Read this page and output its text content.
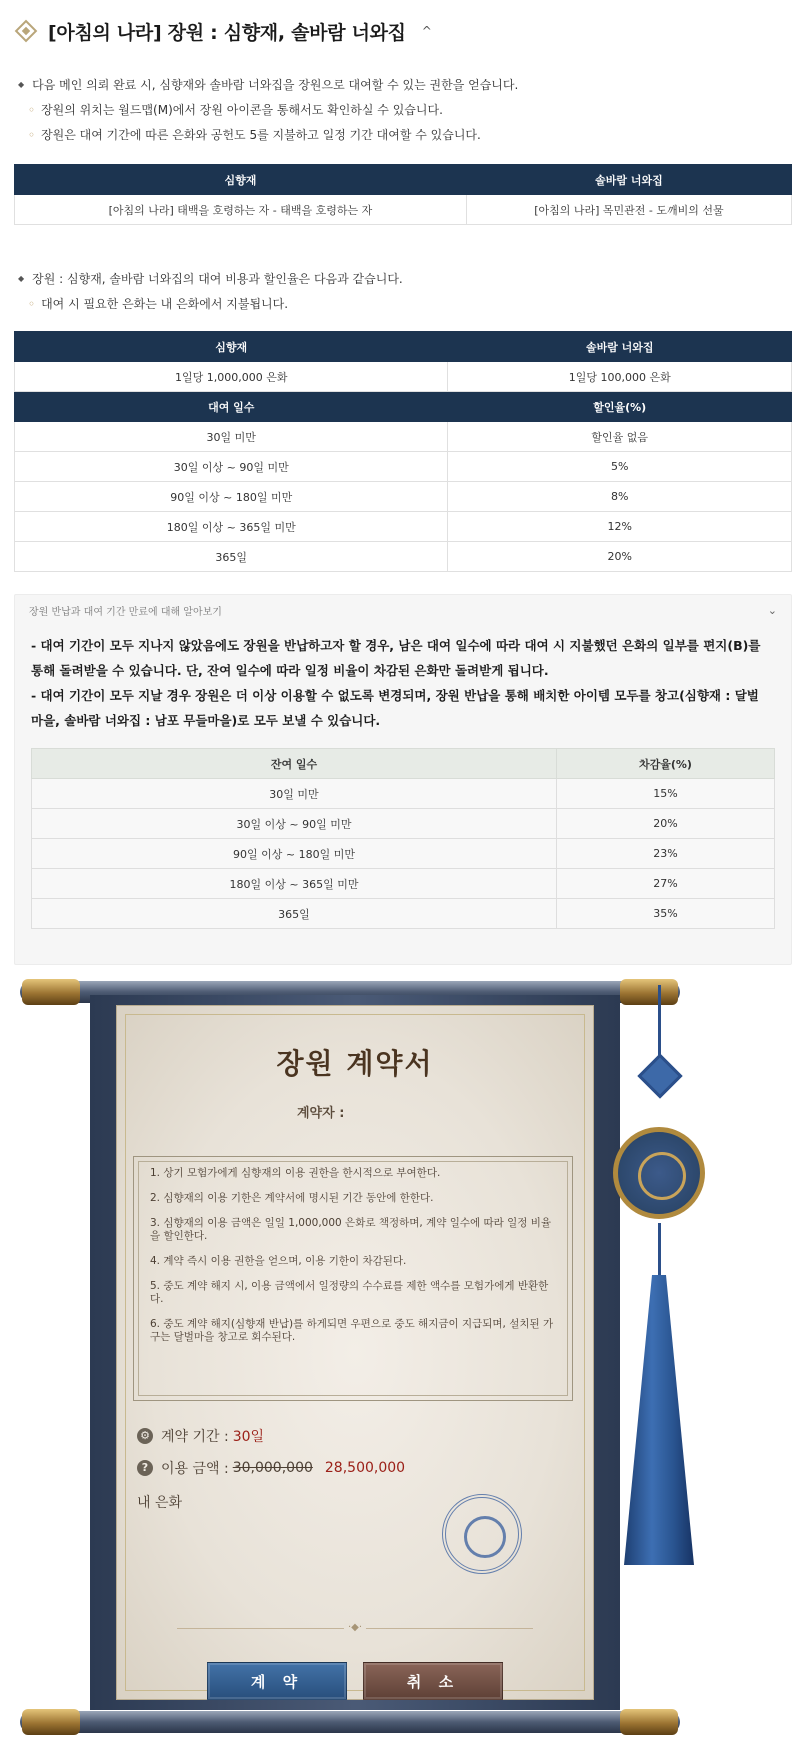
[아침의 나라] 장원 : 심향재, 솔바람 너와집 ^
◆ 다음 메인 의뢰 완료 시, 심향재와 솔바람 너와집을 장원으로 대여할 수 있는 권한을 얻습니다.
◦ 장원의 위치는 월드맵(M)에서 장원 아이콘을 통해서도 확인하실 수 있습니다.
◦ 장원은 대여 기간에 따른 은화와 공헌도 5를 지불하고 일정 기간 대여할 수 있습니다.
심향재	솔바람 너와집
[아침의 나라] 태백을 호령하는 자 - 태백을 호령하는 자	[아침의 나라] 목민관전 - 도깨비의 선물
◆ 장원 : 심향재, 솔바람 너와집의 대여 비용과 할인율은 다음과 같습니다.
◦ 대여 시 필요한 은화는 내 은화에서 지불됩니다.
심향재	솔바람 너와집
1일당 1,000,000 은화	1일당 100,000 은화
대여 일수	할인율(%)
30일 미만	할인율 없음
30일 이상 ~ 90일 미만	5%
90일 이상 ~ 180일 미만	8%
180일 이상 ~ 365일 미만	12%
365일	20%
장원 반납과 대여 기간 만료에 대해 알아보기	⌄
- 대여 기간이 모두 지나지 않았음에도 장원을 반납하고자 할 경우, 남은 대여 일수에 따라 대여 시 지불했던 은화의 일부를 편지(B)를 통해 돌려받을 수 있습니다. 단, 잔여 일수에 따라 일정 비율이 차감된 은화만 돌려받게 됩니다.
- 대여 기간이 모두 지날 경우 장원은 더 이상 이용할 수 없도록 변경되며, 장원 반납을 통해 배치한 아이템 모두를 창고(심향재 : 달벌 마을, 솔바람 너와집 : 남포 무들마을)로 모두 보낼 수 있습니다.
잔여 일수	차감율(%)
30일 미만	15%
30일 이상 ~ 90일 미만	20%
90일 이상 ~ 180일 미만	23%
180일 이상 ~ 365일 미만	27%
365일	35%
장원 계약서
계약자 :
1. 상기 모험가에게 심향재의 이용 권한을 한시적으로 부여한다.
2. 심향재의 이용 기한은 계약서에 명시된 기간 동안에 한한다.
3. 심향재의 이용 금액은 일일 1,000,000 은화로 책정하며, 계약 일수에 따라 일정 비율을 할인한다.
4. 계약 즉시 이용 권한을 얻으며, 이용 기한이 차감된다.
5. 중도 계약 해지 시, 이용 금액에서 일정량의 수수료를 제한 액수를 모험가에게 반환한다.
6. 중도 계약 해지(심향재 반납)를 하게되면 우편으로 중도 해지금이 지급되며, 설치된 가구는 달벌마을 창고로 회수된다.
⚙ 계약 기간 : 30일
? 이용 금액 : 30,000,000 28,500,000
내 은화
·◆·
계 약	취 소
